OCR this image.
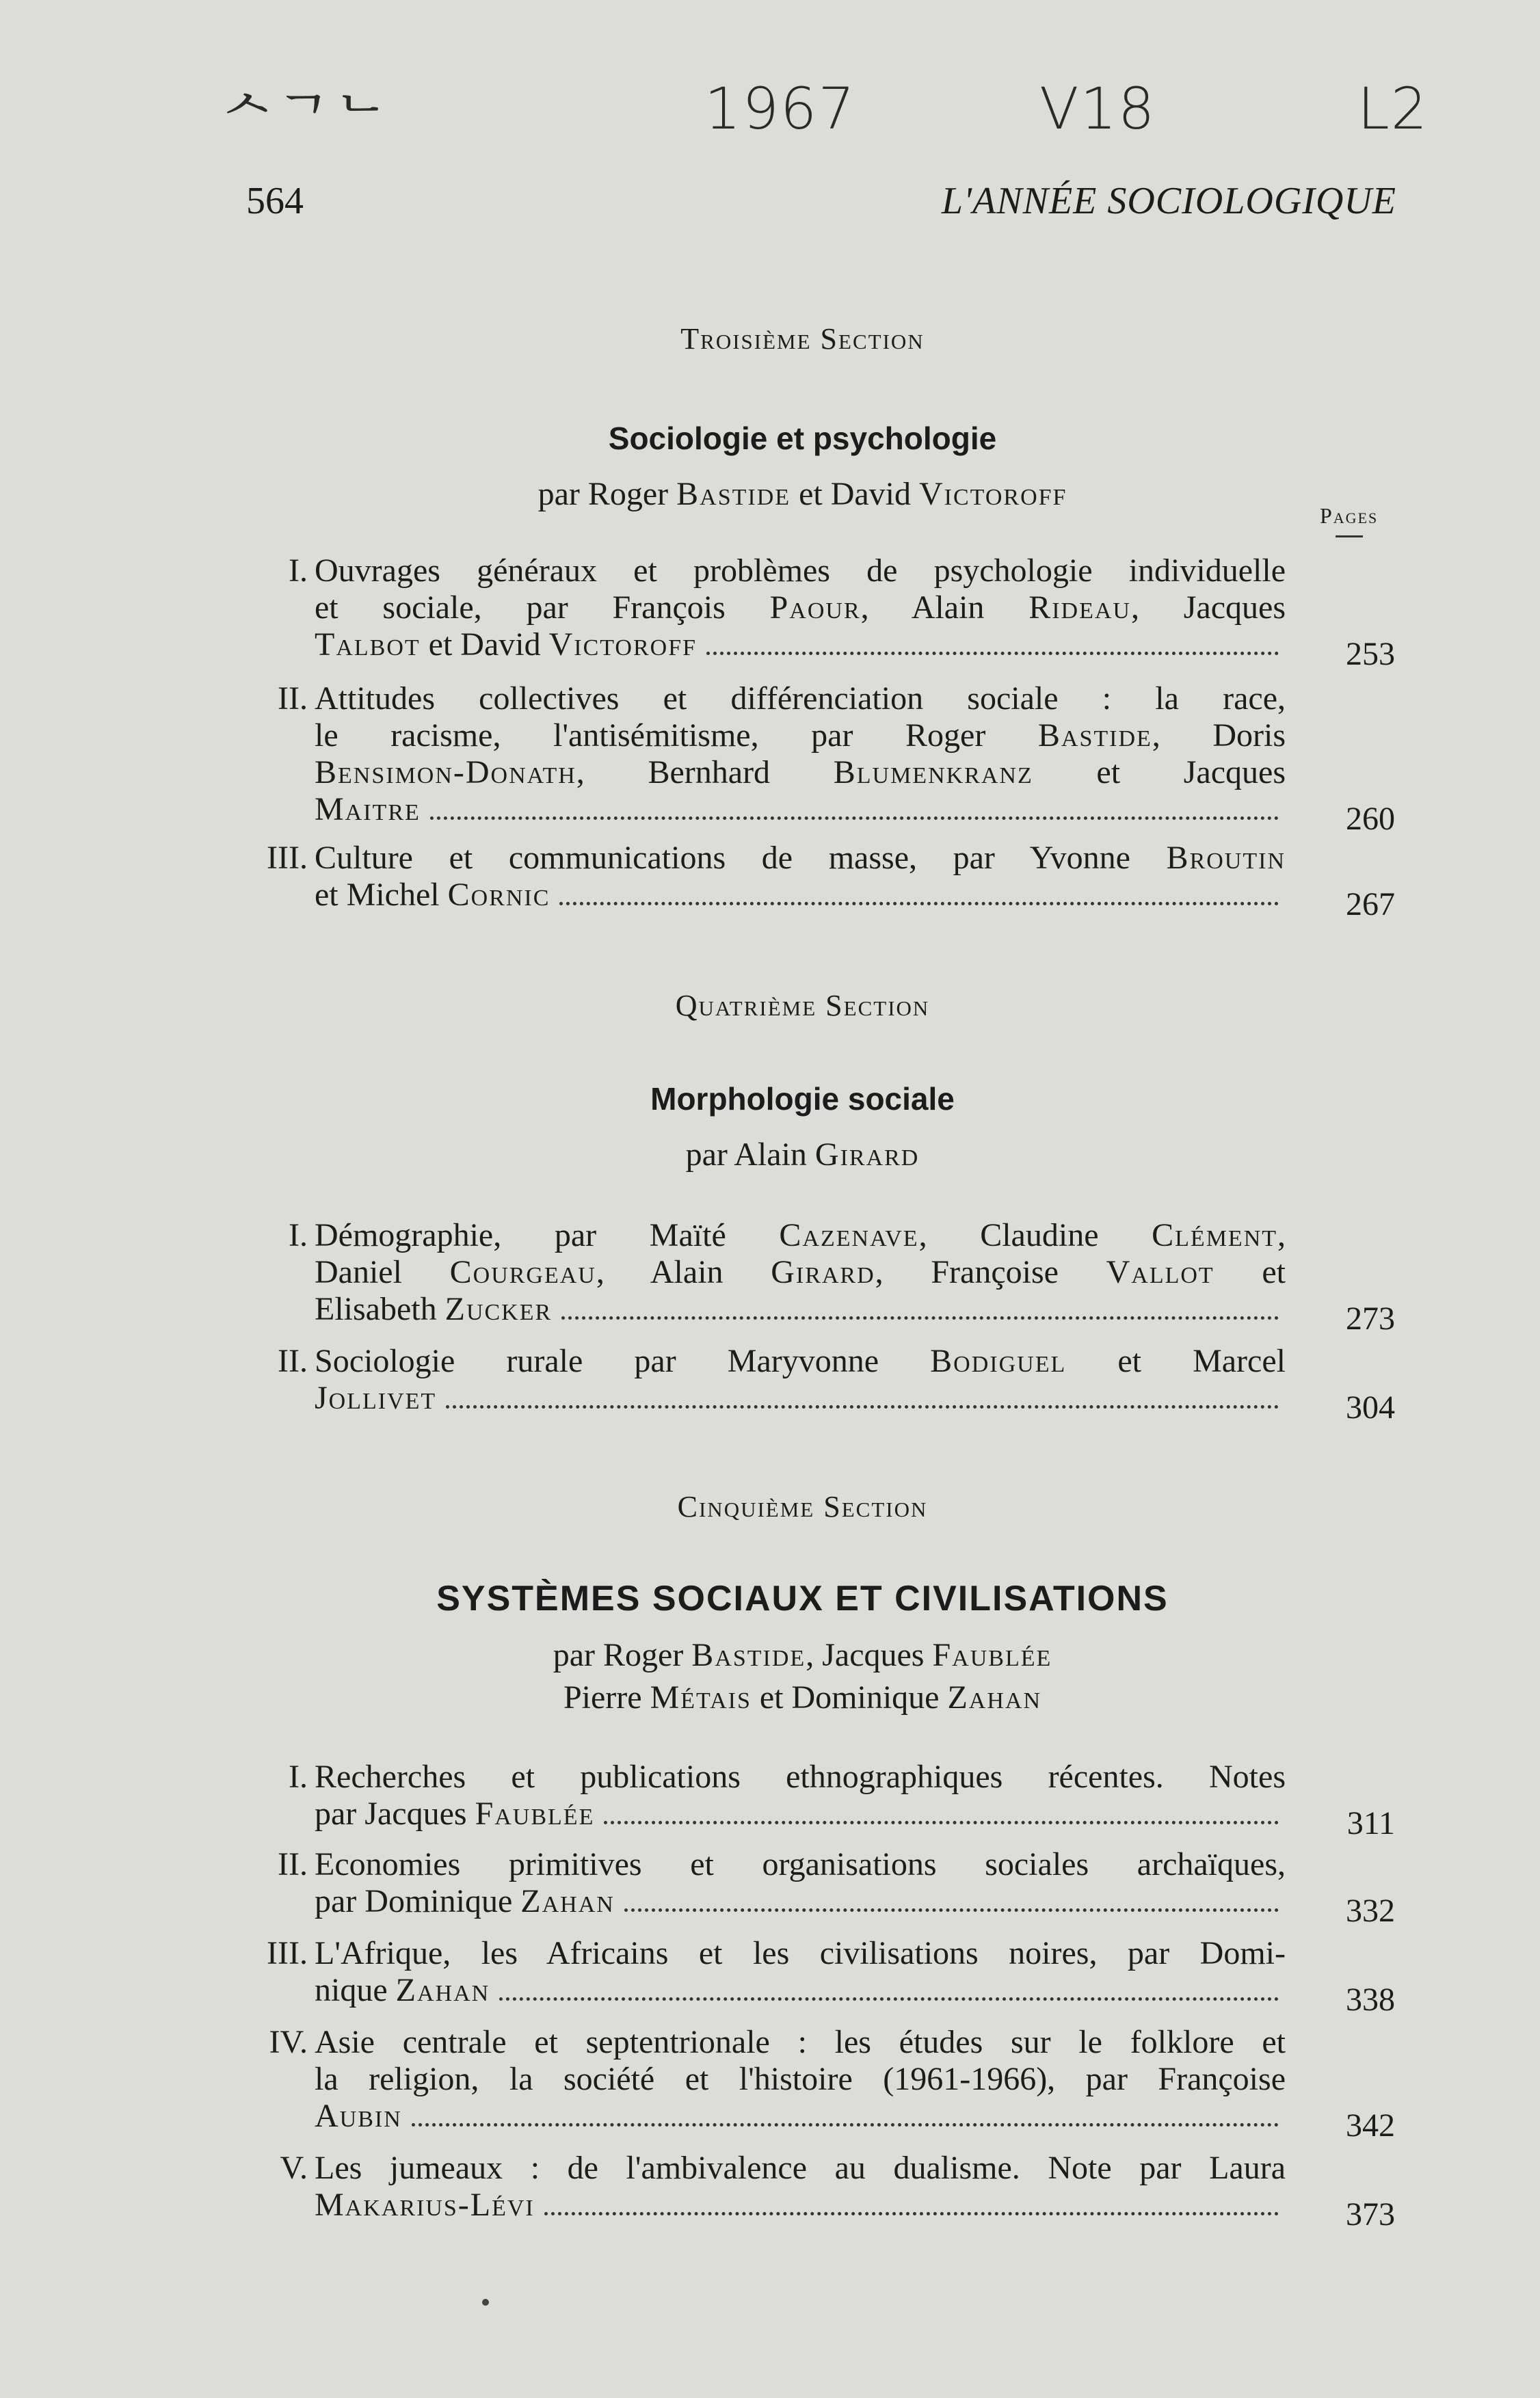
ᄉᄀᄂ	1967	V18	L2
564	L'ANNÉE SOCIOLOGIQUE
Pages
Troisième Section
Sociologie et psychologie
par Roger Bastide et David Victoroff
I. Ouvrages généraux et problèmes de psychologie individuelle
et sociale, par François Paour, Alain Rideau, Jacques
Talbot et David Victoroff	253
II. Attitudes collectives et différenciation sociale : la race,
le racisme, l'antisémitisme, par Roger Bastide, Doris
Bensimon-Donath, Bernhard Blumenkranz et Jacques
Maitre	260
III. Culture et communications de masse, par Yvonne Broutin
et Michel Cornic	267
Quatrième Section
Morphologie sociale
par Alain Girard
I. Démographie, par Maïté Cazenave, Claudine Clément,
Daniel Courgeau, Alain Girard, Françoise Vallot et
Elisabeth Zucker	273
II. Sociologie rurale par Maryvonne Bodiguel et Marcel
Jollivet	304
Cinquième Section
SYSTÈMES SOCIAUX ET CIVILISATIONS
par Roger Bastide, Jacques Faublée
Pierre Métais et Dominique Zahan
I. Recherches et publications ethnographiques récentes. Notes
par Jacques Faublée	311
II. Economies primitives et organisations sociales archaïques,
par Dominique Zahan	332
III. L'Afrique, les Africains et les civilisations noires, par Domi-
nique Zahan	338
IV. Asie centrale et septentrionale : les études sur le folklore et
la religion, la société et l'histoire (1961-1966), par Françoise
Aubin	342
V. Les jumeaux : de l'ambivalence au dualisme. Note par Laura
Makarius-Lévi	373
